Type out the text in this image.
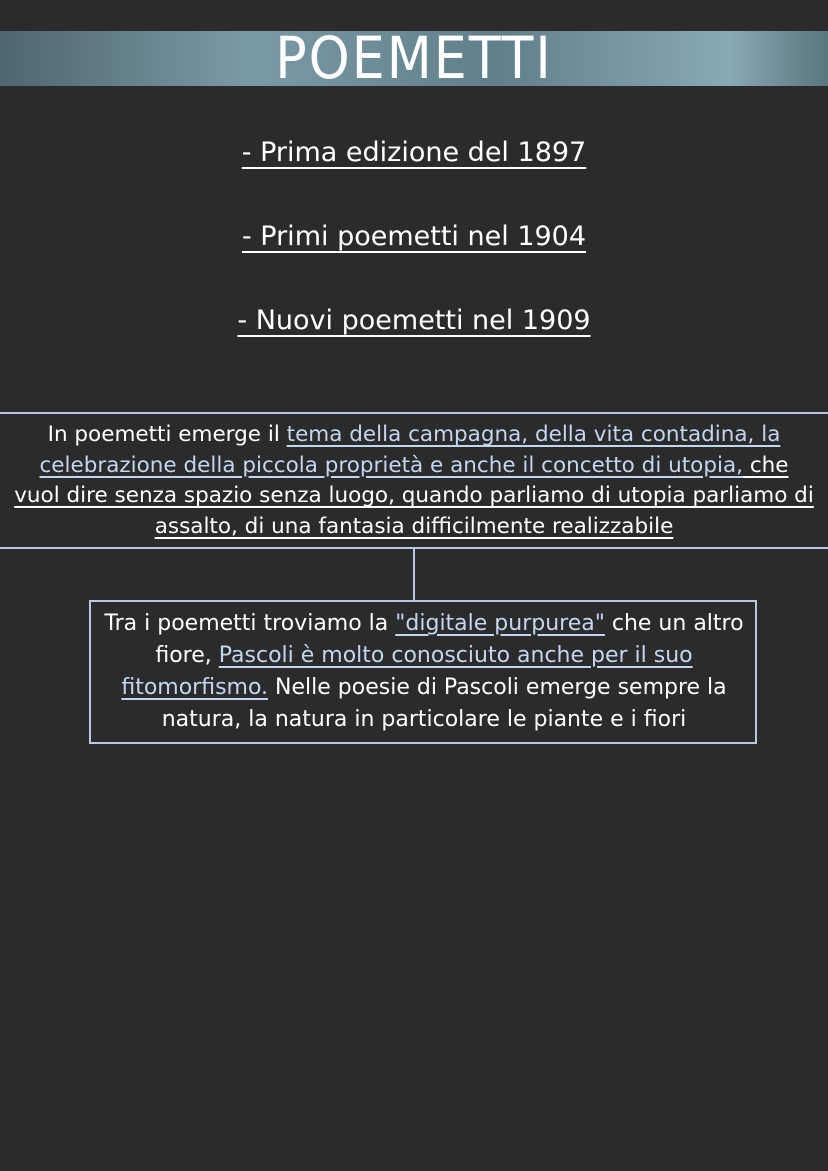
POEMETTI
- Prima edizione del 1897
- Primi poemetti nel 1904
- Nuovi poemetti nel 1909
In poemetti emerge il tema della campagna, della vita contadina, la celebrazione della piccola proprietà e anche il concetto di utopia, che vuol dire senza spazio senza luogo, quando parliamo di utopia parliamo di assalto, di una fantasia difficilmente realizzabile
Tra i poemetti troviamo la "digitale purpurea" che un altro fiore, Pascoli è molto conosciuto anche per il suo fitomorfismo. Nelle poesie di Pascoli emerge sempre la natura, la natura in particolare le piante e i fiori
